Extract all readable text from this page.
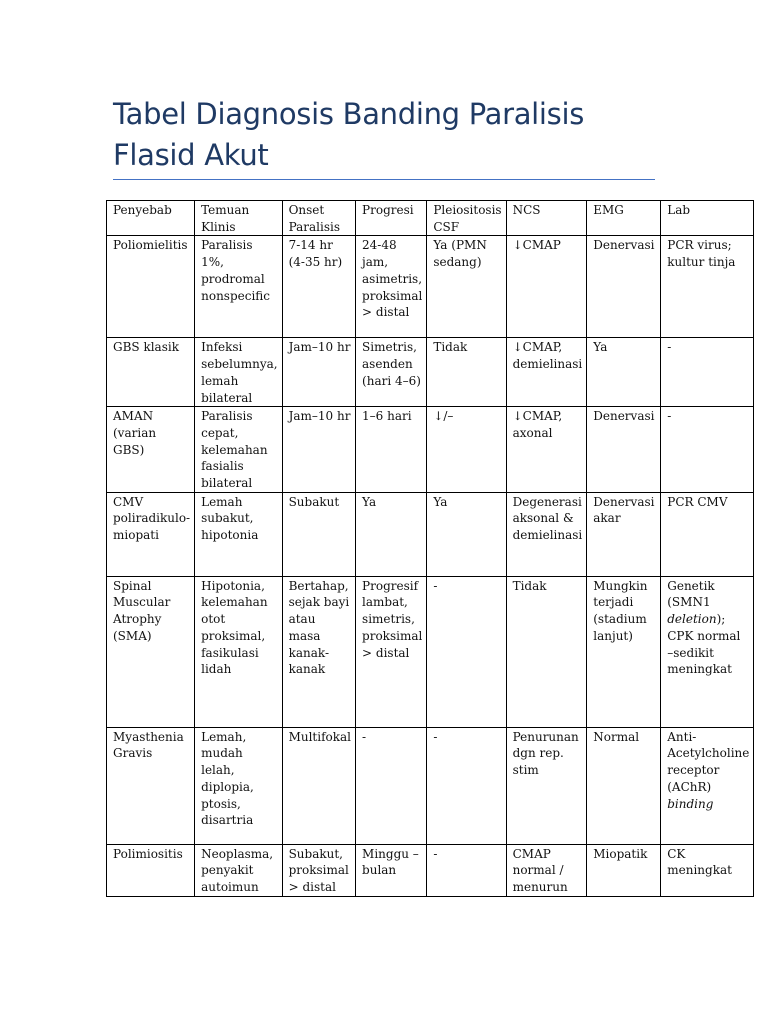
Tabel Diagnosis Banding Paralisis Flasid Akut
Penyebab	Temuan Klinis	Onset Paralisis	Progresi	Pleiositosis CSF	NCS	EMG	Lab
Poliomielitis	Paralisis 1%, prodromal nonspecific	7-14 hr (4-35 hr)	24-48 jam, asimetris, proksimal > distal	Ya (PMN sedang)	↓CMAP	Denervasi	PCR virus; kultur tinja
GBS klasik	Infeksi sebelumnya, lemah bilateral	Jam–10 hr	Simetris, asenden (hari 4–6)	Tidak	↓CMAP, demielinasi	Ya	-
AMAN (varian GBS)	Paralisis cepat, kelemahan fasialis bilateral	Jam–10 hr	1–6 hari	↓/–	↓CMAP, axonal	Denervasi	-
CMV poliradikulo-miopati	Lemah subakut, hipotonia	Subakut	Ya	Ya	Degenerasi aksonal & demielinasi	Denervasi akar	PCR CMV
Spinal Muscular Atrophy (SMA)	Hipotonia, kelemahan otot proksimal, fasikulasi lidah	Bertahap, sejak bayi atau masa kanak-kanak	Progresif lambat, simetris, proksimal > distal	-	Tidak	Mungkin terjadi (stadium lanjut)	Genetik (SMN1 deletion); CPK normal –sedikit meningkat
Myasthenia Gravis	Lemah, mudah lelah, diplopia, ptosis, disartria	Multifokal	-	-	Penurunan dgn rep. stim	Normal	Anti-Acetylcholine receptor (AChR) binding
Polimiositis	Neoplasma, penyakit autoimun	Subakut, proksimal > distal	Minggu – bulan	-	CMAP normal / menurun	Miopatik	CK meningkat
